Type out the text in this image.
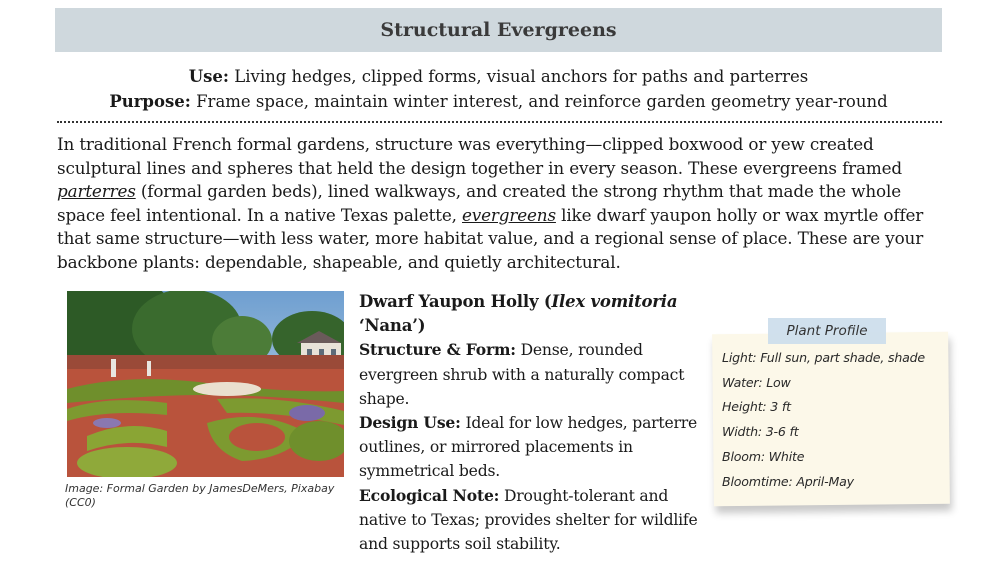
Structural Evergreens
Use: Living hedges, clipped forms, visual anchors for paths and parterres
Purpose: Frame space, maintain winter interest, and reinforce garden geometry year-round

In traditional French formal gardens, structure was everything—clipped boxwood or yew created sculptural lines and spheres that held the design together in every season. These evergreens framed parterres (formal garden beds), lined walkways, and created the strong rhythm that made the whole space feel intentional. In a native Texas palette, evergreens like dwarf yaupon holly or wax myrtle offer that same structure—with less water, more habitat value, and a regional sense of place. These are your backbone plants: dependable, shapeable, and quietly architectural.

Image: Formal Garden by JamesDeMers, Pixabay (CC0)
Dwarf Yaupon Holly (Ilex vomitoria ‘Nana’)
Structure & Form: Dense, rounded evergreen shrub with a naturally compact shape.
Design Use: Ideal for low hedges, parterre outlines, or mirrored placements in symmetrical beds.
Ecological Note: Drought-tolerant and native to Texas; provides shelter for wildlife and supports soil stability.
Plant Profile
Light: Full sun, part shade, shade
Water: Low
Height: 3 ft
Width: 3-6 ft
Bloom: White
Bloomtime: April-May
